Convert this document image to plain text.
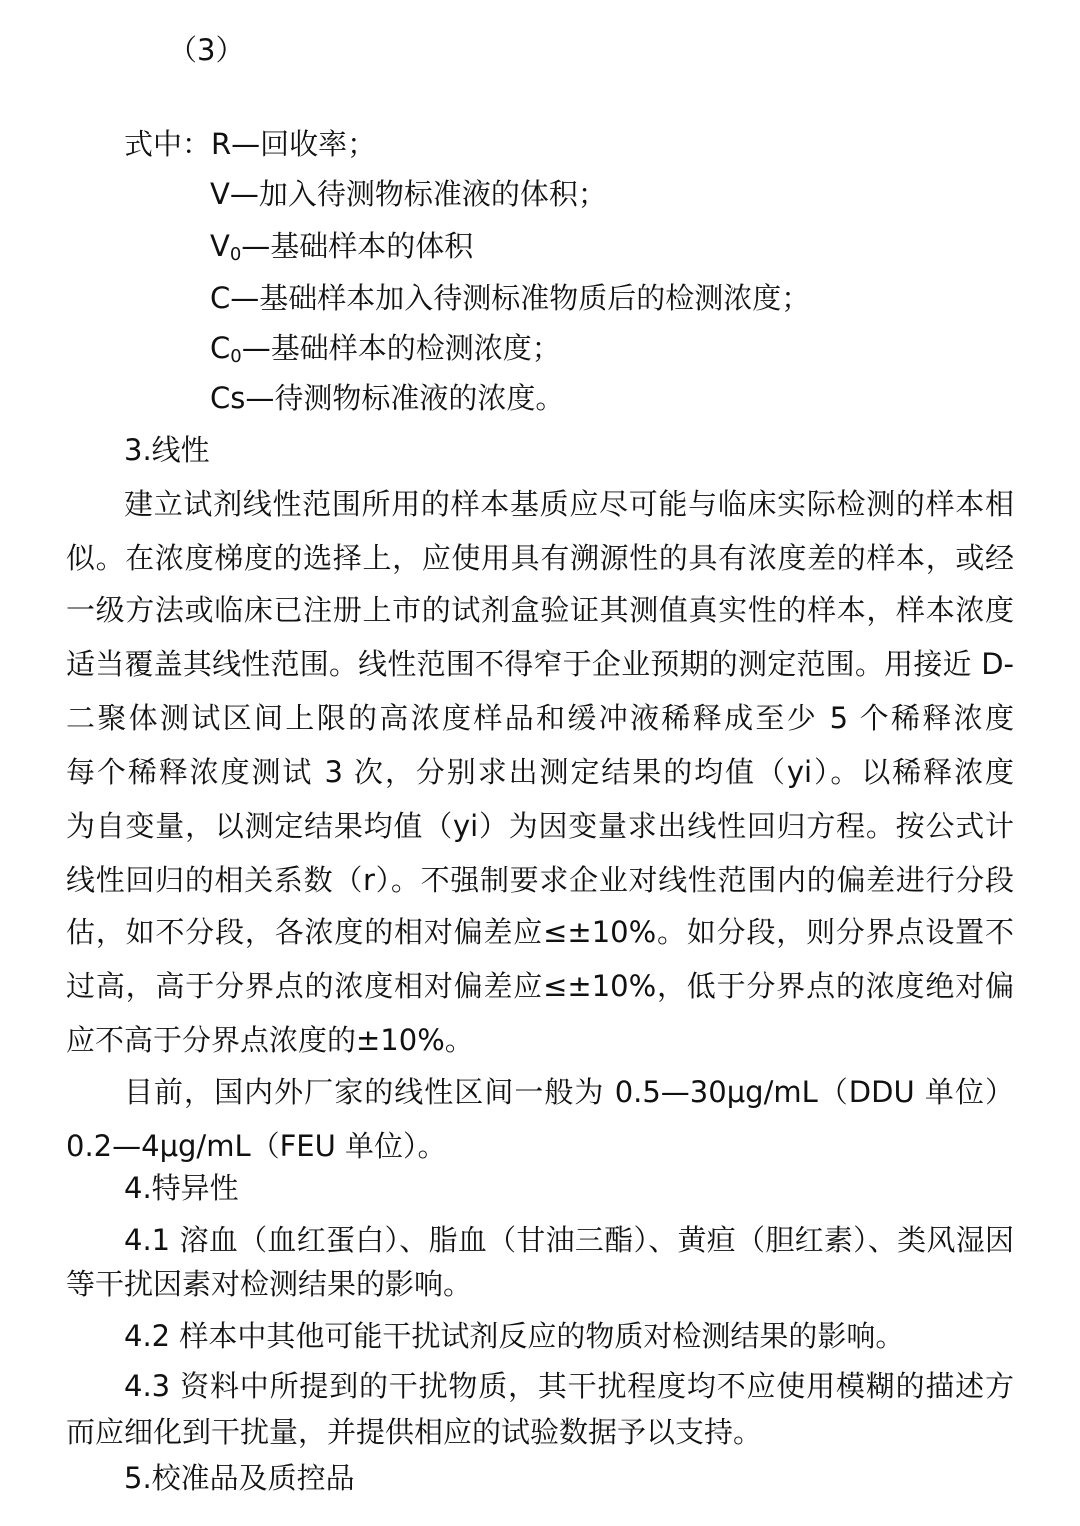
（3）
式中：R—回收率；
V—加入待测物标准液的体积；
$V_0—$基础样本的体积
C—基础样本加入待测标准物质后的检测浓度；
$C_0—$基础样本的检测浓度；
Cs—待测物标准液的浓度。
3.线性
建立试剂线性范围所用的样本基质应尽可能与临床实际检测的样本相
似。在浓度梯度的选择上，应使用具有溯源性的具有浓度差的样本，或经
一级方法或临床已注册上市的试剂盒验证其测值真实性的样本，样本浓度
适当覆盖其线性范围。线性范围不得窄于企业预期的测定范围。用接近 D-
二聚体测试区间上限的高浓度样品和缓冲液稀释成至少 5 个稀释浓度
每个稀释浓度测试 3 次，分别求出测定结果的均值（yi）。以稀释浓度
为自变量，以测定结果均值（yi）为因变量求出线性回归方程。按公式计
线性回归的相关系数（r）。不强制要求企业对线性范围内的偏差进行分段
估，如不分段，各浓度的相对偏差应≤±10%。如分段，则分界点设置不
过高，高于分界点的浓度相对偏差应≤±10%，低于分界点的浓度绝对偏
应不高于分界点浓度的±10%。
目前，国内外厂家的线性区间一般为 0.5—30μg/mL（DDU 单位）
0.2—4μg/mL（FEU 单位）。
4.特异性
4.1 溶血（血红蛋白）、脂血（甘油三酯）、黄疸（胆红素）、类风湿因
等干扰因素对检测结果的影响。
4.2 样本中其他可能干扰试剂反应的物质对检测结果的影响。
4.3 资料中所提到的干扰物质，其干扰程度均不应使用模糊的描述方
而应细化到干扰量，并提供相应的试验数据予以支持。
5.校准品及质控品
